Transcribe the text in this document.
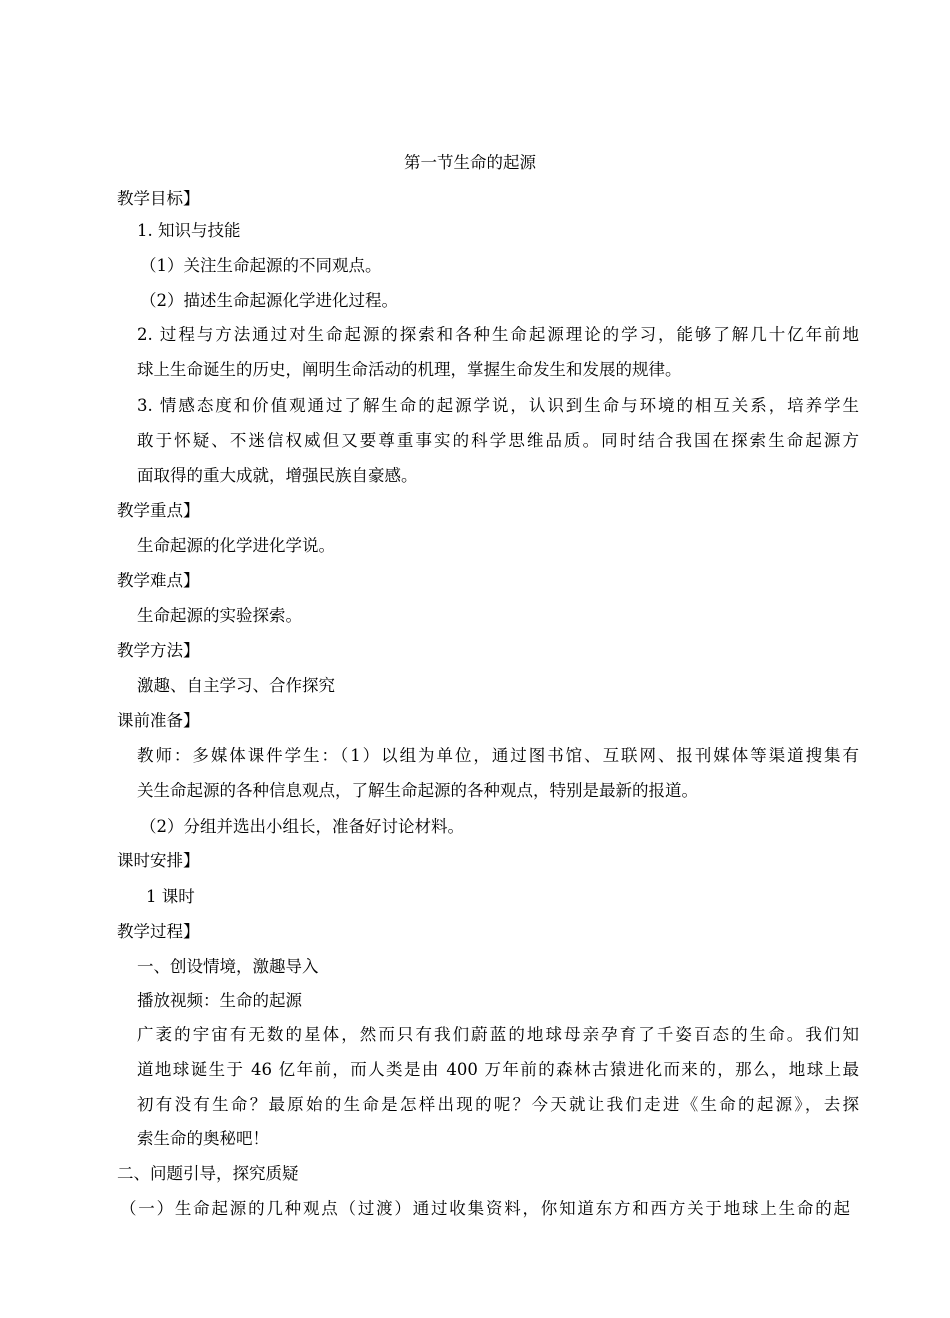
第一节生命的起源
教学目标】
1. 知识与技能
（1）关注生命起源的不同观点。
（2）描述生命起源化学进化过程。
2. 过程与方法通过对生命起源的探索和各种生命起源理论的学习，能够了解几十亿年前地
球上生命诞生的历史，阐明生命活动的机理，掌握生命发生和发展的规律。
3. 情感态度和价值观通过了解生命的起源学说，认识到生命与环境的相互关系，培养学生
敢于怀疑、不迷信权威但又要尊重事实的科学思维品质。同时结合我国在探索生命起源方
面取得的重大成就，增强民族自豪感。
教学重点】
生命起源的化学进化学说。
教学难点】
生命起源的实验探索。
教学方法】
激趣、自主学习、合作探究
课前准备】
教师：多媒体课件学生：（1）以组为单位，通过图书馆、互联网、报刊媒体等渠道搜集有
关生命起源的各种信息观点，了解生命起源的各种观点，特别是最新的报道。
（2）分组并选出小组长，准备好讨论材料。
课时安排】
1 课时
教学过程】
一、创设情境，激趣导入
播放视频：生命的起源
广袤的宇宙有无数的星体，然而只有我们蔚蓝的地球母亲孕育了千姿百态的生命。我们知
道地球诞生于 46 亿年前，而人类是由 400 万年前的森林古猿进化而来的，那么，地球上最
初有没有生命？最原始的生命是怎样出现的呢？今天就让我们走进《生命的起源》，去探
索生命的奥秘吧！
二、问题引导，探究质疑
（一）生命起源的几种观点（过渡）通过收集资料，你知道东方和西方关于地球上生命的起
